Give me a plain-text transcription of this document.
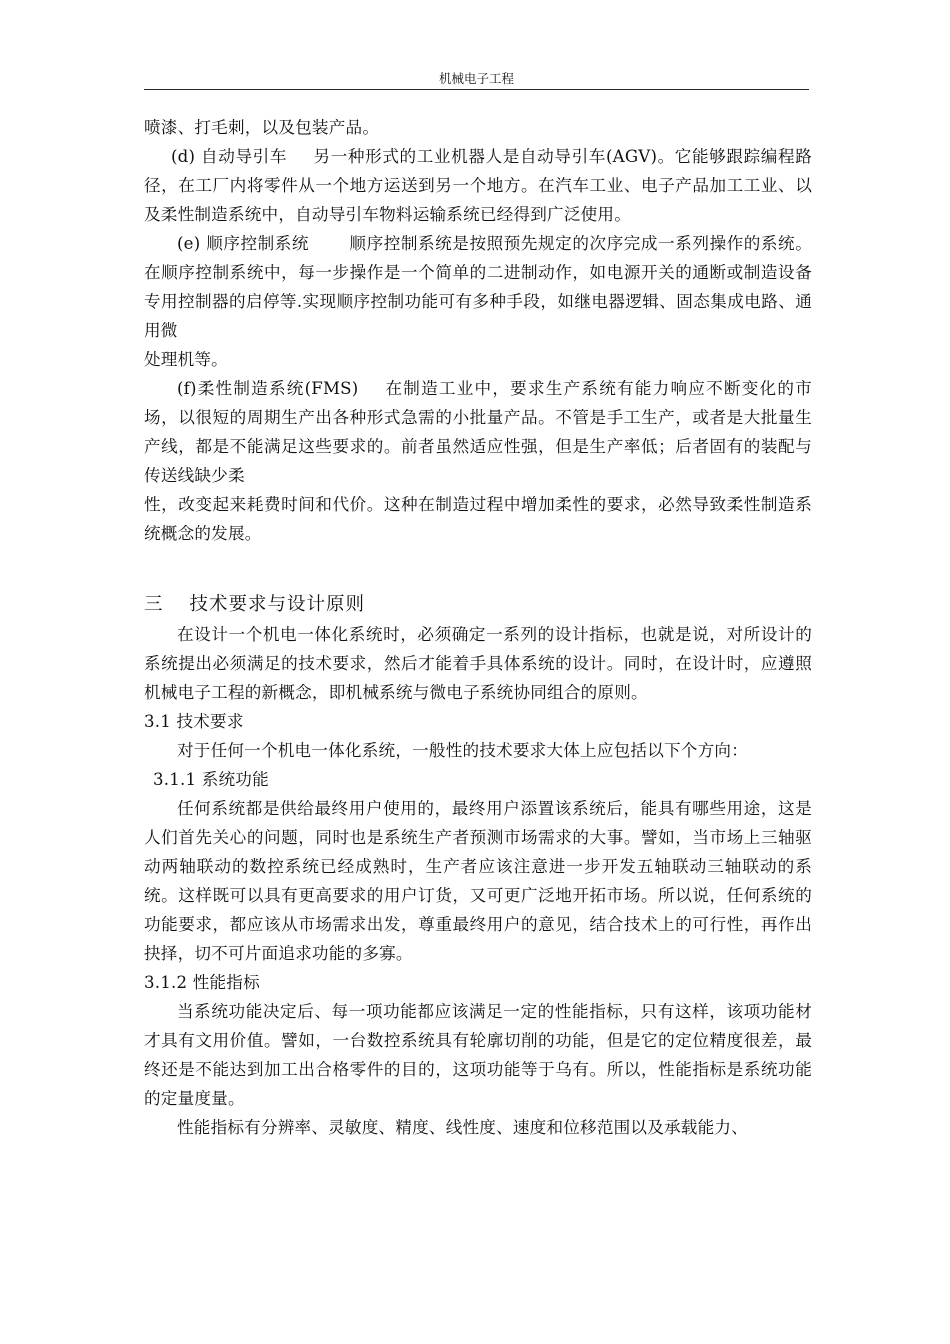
机械电子工程

喷漆、打毛刺，以及包装产品。

(d) 自动导引车 另一种形式的工业机器人是自动导引车(AGV)。它能够跟踪编程路径，在工厂内将零件从一个地方运送到另一个地方。在汽车工业、电子产品加工工业、以及柔性制造系统中，自动导引车物料运输系统已经得到广泛使用。

(e) 顺序控制系统 顺序控制系统是按照预先规定的次序完成一系列操作的系统。在顺序控制系统中，每一步操作是一个简单的二进制动作，如电源开关的通断或制造设备专用控制器的启停等.实现顺序控制功能可有多种手段，如继电器逻辑、固态集成电路、通用微

处理机等。

(f)柔性制造系统(FMS) 在制造工业中，要求生产系统有能力响应不断变化的市场，以很短的周期生产出各种形式急需的小批量产品。不管是手工生产，或者是大批量生产线，都是不能满足这些要求的。前者虽然适应性强，但是生产率低；后者固有的装配与传送线缺少柔

性，改变起来耗费时间和代价。这种在制造过程中增加柔性的要求，必然导致柔性制造系统概念的发展。

三 技术要求与设计原则

在设计一个机电一体化系统时，必须确定一系列的设计指标，也就是说，对所设计的系统提出必须满足的技术要求，然后才能着手具体系统的设计。同时，在设计时，应遵照机械电子工程的新概念，即机械系统与微电子系统协同组合的原则。

3.1 技术要求

对于任何一个机电一体化系统，一般性的技术要求大体上应包括以下个方向：

3.1.1 系统功能

任何系统都是供给最终用户使用的，最终用户添置该系统后，能具有哪些用途，这是人们首先关心的问题，同时也是系统生产者预测市场需求的大事。譬如，当市场上三轴驱动两轴联动的数控系统已经成熟时，生产者应该注意进一步开发五轴联动三轴联动的系统。这样既可以具有更高要求的用户订货，又可更广泛地开拓市场。所以说，任何系统的功能要求，都应该从市场需求出发，尊重最终用户的意见，结合技术上的可行性，再作出抉择，切不可片面追求功能的多寡。

3.1.2 性能指标

当系统功能决定后、每一项功能都应该满足一定的性能指标，只有这样，该项功能材才具有文用价值。譬如，一台数控系统具有轮廓切削的功能，但是它的定位精度很差，最终还是不能达到加工出合格零件的目的，这项功能等于乌有。所以，性能指标是系统功能的定量度量。

性能指标有分辨率、灵敏度、精度、线性度、速度和位移范围以及承载能力、
